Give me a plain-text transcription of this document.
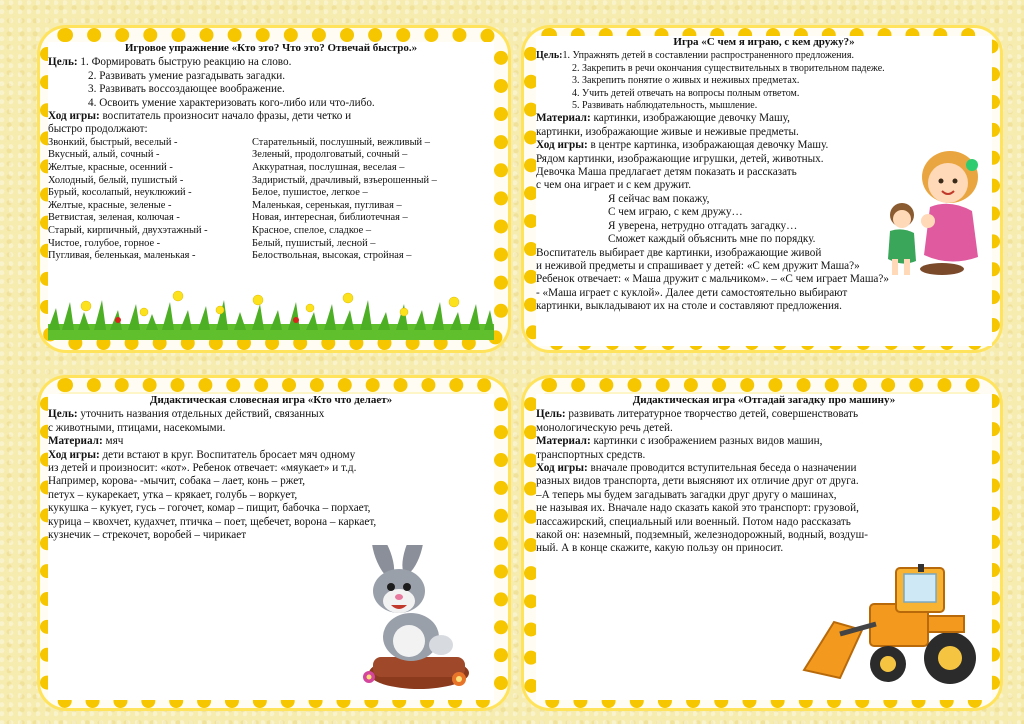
Игровое упражнение «Кто это? Что это? Отвечай быстро.»
Цель: 1. Формировать быструю реакцию на слово.
2. Развивать умение разгадывать загадки.
3. Развивать воссоздающее воображение.
4. Освоить умение характеризовать кого-либо или что-либо.
Ход игры: воспитатель произносит начало фразы, дети четко и
быстро продолжают:
Звонкий, быстрый, веселый -	Старательный, послушный, вежливый –
Вкусный, алый, сочный -	Зеленый, продолговатый, сочный –
Желтые, красные, осенний -	Аккуратная, послушная, веселая –
Холодный, белый, пушистый -	Задиристый, драчливый, взъерошенный –
Бурый, косолапый, неуклюжий -	Белое, пушистое, легкое –
Желтые, красные, зеленые -	Маленькая, серенькая, пугливая –
Ветвистая, зеленая, колючая -	Новая, интересная, библиотечная –
Старый, кирпичный, двухэтажный -	Красное, спелое, сладкое –
Чистое, голубое, горное -	Белый, пушистый, лесной –
Пугливая, беленькая, маленькая -	Белоствольная, высокая, стройная –
Игра «С чем я играю, с кем дружу?»
Цель:1. Упражнять детей в составлении распространенного предложения.
2. Закрепить в речи окончания существительных в творительном падеже.
3. Закрепить понятие о живых и неживых предметах.
4. Учить детей отвечать на вопросы полным ответом.
5. Развивать наблюдательность, мышление.
Материал: картинки, изображающие девочку Машу,
картинки, изображающие живые и неживые предметы.
Ход игры: в центре картинка, изображающая девочку Машу.
Рядом картинки, изображающие игрушки, детей, животных.
Девочка Маша предлагает детям показать и рассказать
с чем она играет и с кем дружит.
Я сейчас вам покажу,
С чем играю, с кем дружу…
Я уверена, нетрудно отгадать загадку…
Сможет каждый объяснить мне по порядку.
Воспитатель выбирает две картинки, изображающие живой
и неживой предметы и спрашивает у детей: «С кем дружит Маша?»
Ребенок отвечает: « Маша дружит с мальчиком». – «С чем играет Маша?»
- «Маша играет с куклой». Далее дети самостоятельно выбирают
картинки, выкладывают их на столе и составляют предложения.
Дидактическая словесная игра «Кто что делает»
Цель: уточнить названия отдельных действий, связанных
с животными, птицами, насекомыми.
Материал: мяч
Ход игры: дети встают в круг. Воспитатель бросает мяч одному
из детей и произносит: «кот». Ребенок отвечает: «мяукает» и т.д.
Например, корова- -мычит, собака – лает, конь – ржет,
петух – кукарекает, утка – крякает, голубь – воркует,
кукушка – кукует, гусь – гогочет, комар – пищит, бабочка – порхает,
курица – квохчет, кудахчет, птичка – поет, щебечет, ворона – каркает,
кузнечик – стрекочет, воробей – чирикает
Дидактическая игра «Отгадай загадку про машину»
Цель: развивать литературное творчество детей, совершенствовать
монологическую речь детей.
Материал: картинки с изображением разных видов машин,
транспортных средств.
Ход игры: вначале проводится вступительная беседа о назначении
разных видов транспорта, дети выясняют их отличие друг от друга.
–А теперь мы будем загадывать загадки друг другу о машинах,
не называя их. Вначале надо сказать какой это транспорт: грузовой,
пассажирский, специальный или военный. Потом надо рассказать
какой он: наземный, подземный, железнодорожный, водный, воздуш-
ный. А в конце скажите, какую пользу он приносит.
